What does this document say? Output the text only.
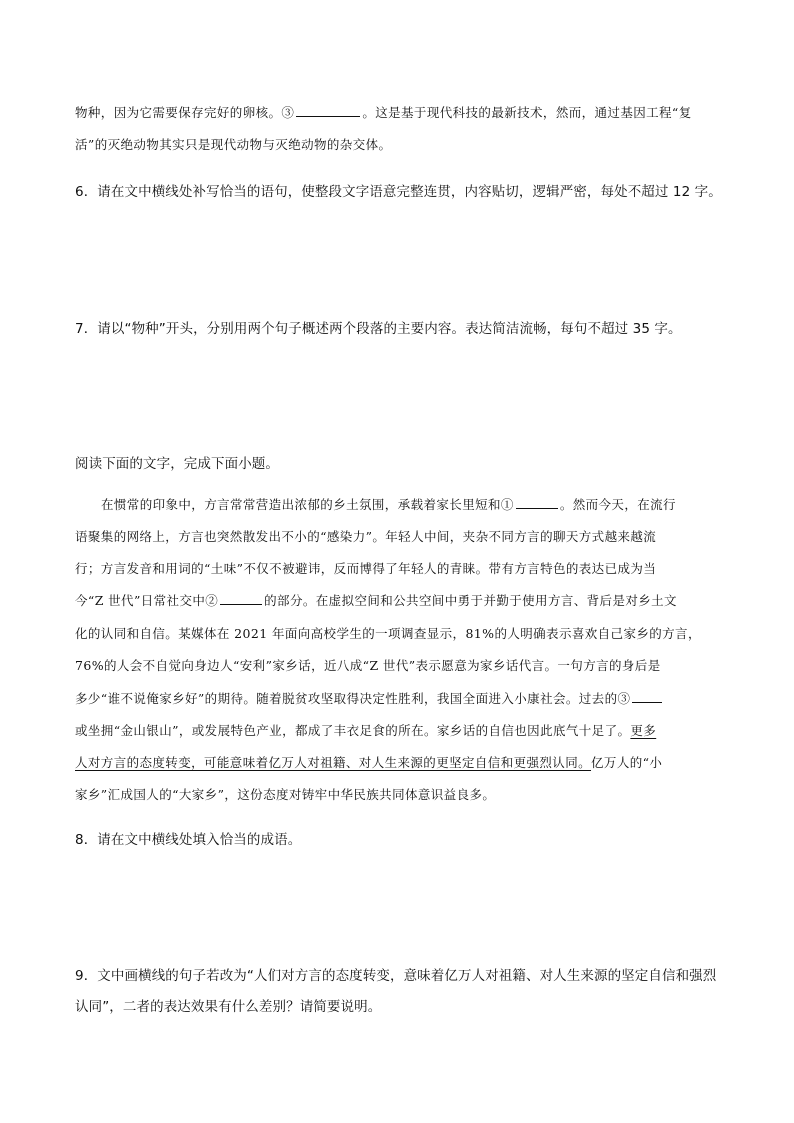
物种，因为它需要保存完好的卵核。③	。这是基于现代科技的最新技术，然而，通过基因工程“复
活”的灭绝动物其实只是现代动物与灭绝动物的杂交体。
6．请在文中横线处补写恰当的语句，使整段文字语意完整连贯，内容贴切，逻辑严密，每处不超过 12 字。
7．请以“物种”开头，分别用两个句子概述两个段落的主要内容。表达简洁流畅，每句不超过 35 字。
阅读下面的文字，完成下面小题。
在惯常的印象中，方言常常营造出浓郁的乡土氛围，承载着家长里短和①	。然而今天，在流行
语聚集的网络上，方言也突然散发出不小的“感染力”。年轻人中间，夹杂不同方言的聊天方式越来越流
行；方言发音和用词的“土味”不仅不被避讳，反而博得了年轻人的青睐。带有方言特色的表达已成为当
今“Z 世代”日常社交中②	的部分。在虚拟空间和公共空间中勇于并勤于使用方言、背后是对乡土文
化的认同和自信。某媒体在 2021 年面向高校学生的一项调查显示，81%的人明确表示喜欢自己家乡的方言，
76%的人会不自觉向身边人“安利”家乡话，近八成“Z 世代”表示愿意为家乡话代言。一句方言的身后是
多少“谁不说俺家乡好”的期待。随着脱贫攻坚取得决定性胜利，我国全面进入小康社会。过去的③
或坐拥“金山银山”，或发展特色产业，都成了丰衣足食的所在。家乡话的自信也因此底气十足了。更多
人对方言的态度转变，可能意味着亿万人对祖籍、对人生来源的更坚定自信和更强烈认同。亿万人的“小
家乡”汇成国人的“大家乡”，这份态度对铸牢中华民族共同体意识益良多。
8．请在文中横线处填入恰当的成语。
9．文中画横线的句子若改为“人们对方言的态度转变，意味着亿万人对祖籍、对人生来源的坚定自信和强烈
认同”，二者的表达效果有什么差别？请简要说明。
